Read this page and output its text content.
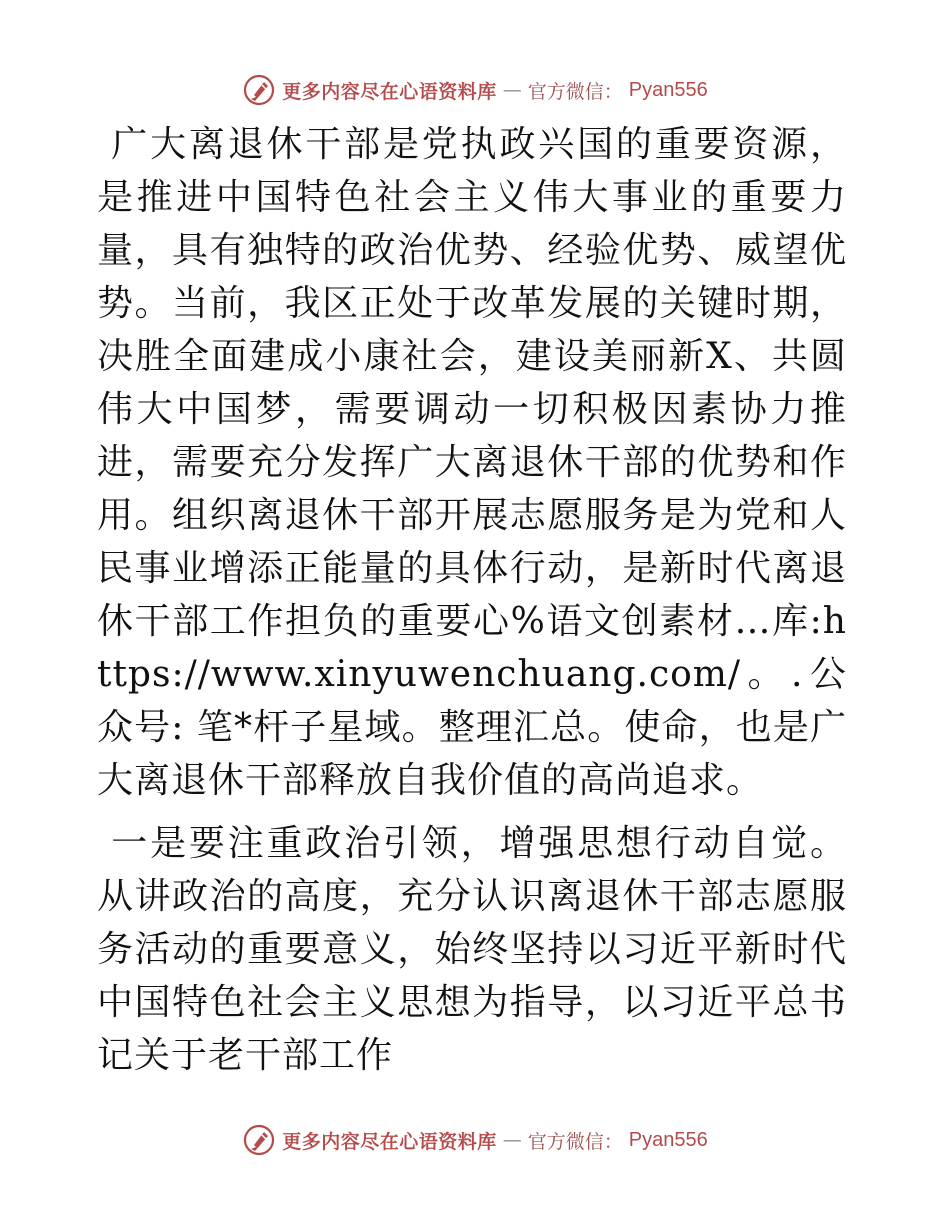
更多内容尽在心语资料库 — 官方微信： Pyan556

广大离退休干部是党执政兴国的重要资源，是推进中国特色社会主义伟大事业的重要力量，具有独特的政治优势、经验优势、威望优势。当前，我区正处于改革发展的关键时期，决胜全面建成小康社会，建设美丽新X、共圆伟大中国梦，需要调动一切积极因素协力推进，需要充分发挥广大离退休干部的优势和作用。组织离退休干部开展志愿服务是为党和人民事业增添正能量的具体行动，是新时代离退休干部工作担负的重要心%语文创素材…库:https://www.xinyuwenchuang.com/。.公众号: 笔*杆子星域。整理汇总。使命，也是广大离退休干部释放自我价值的高尚追求。

一是要注重政治引领，增强思想行动自觉。从讲政治的高度，充分认识离退休干部志愿服务活动的重要意义，始终坚持以习近平新时代中国特色社会主义思想为指导，以习近平总书记关于老干部工作

更多内容尽在心语资料库 — 官方微信： Pyan556
